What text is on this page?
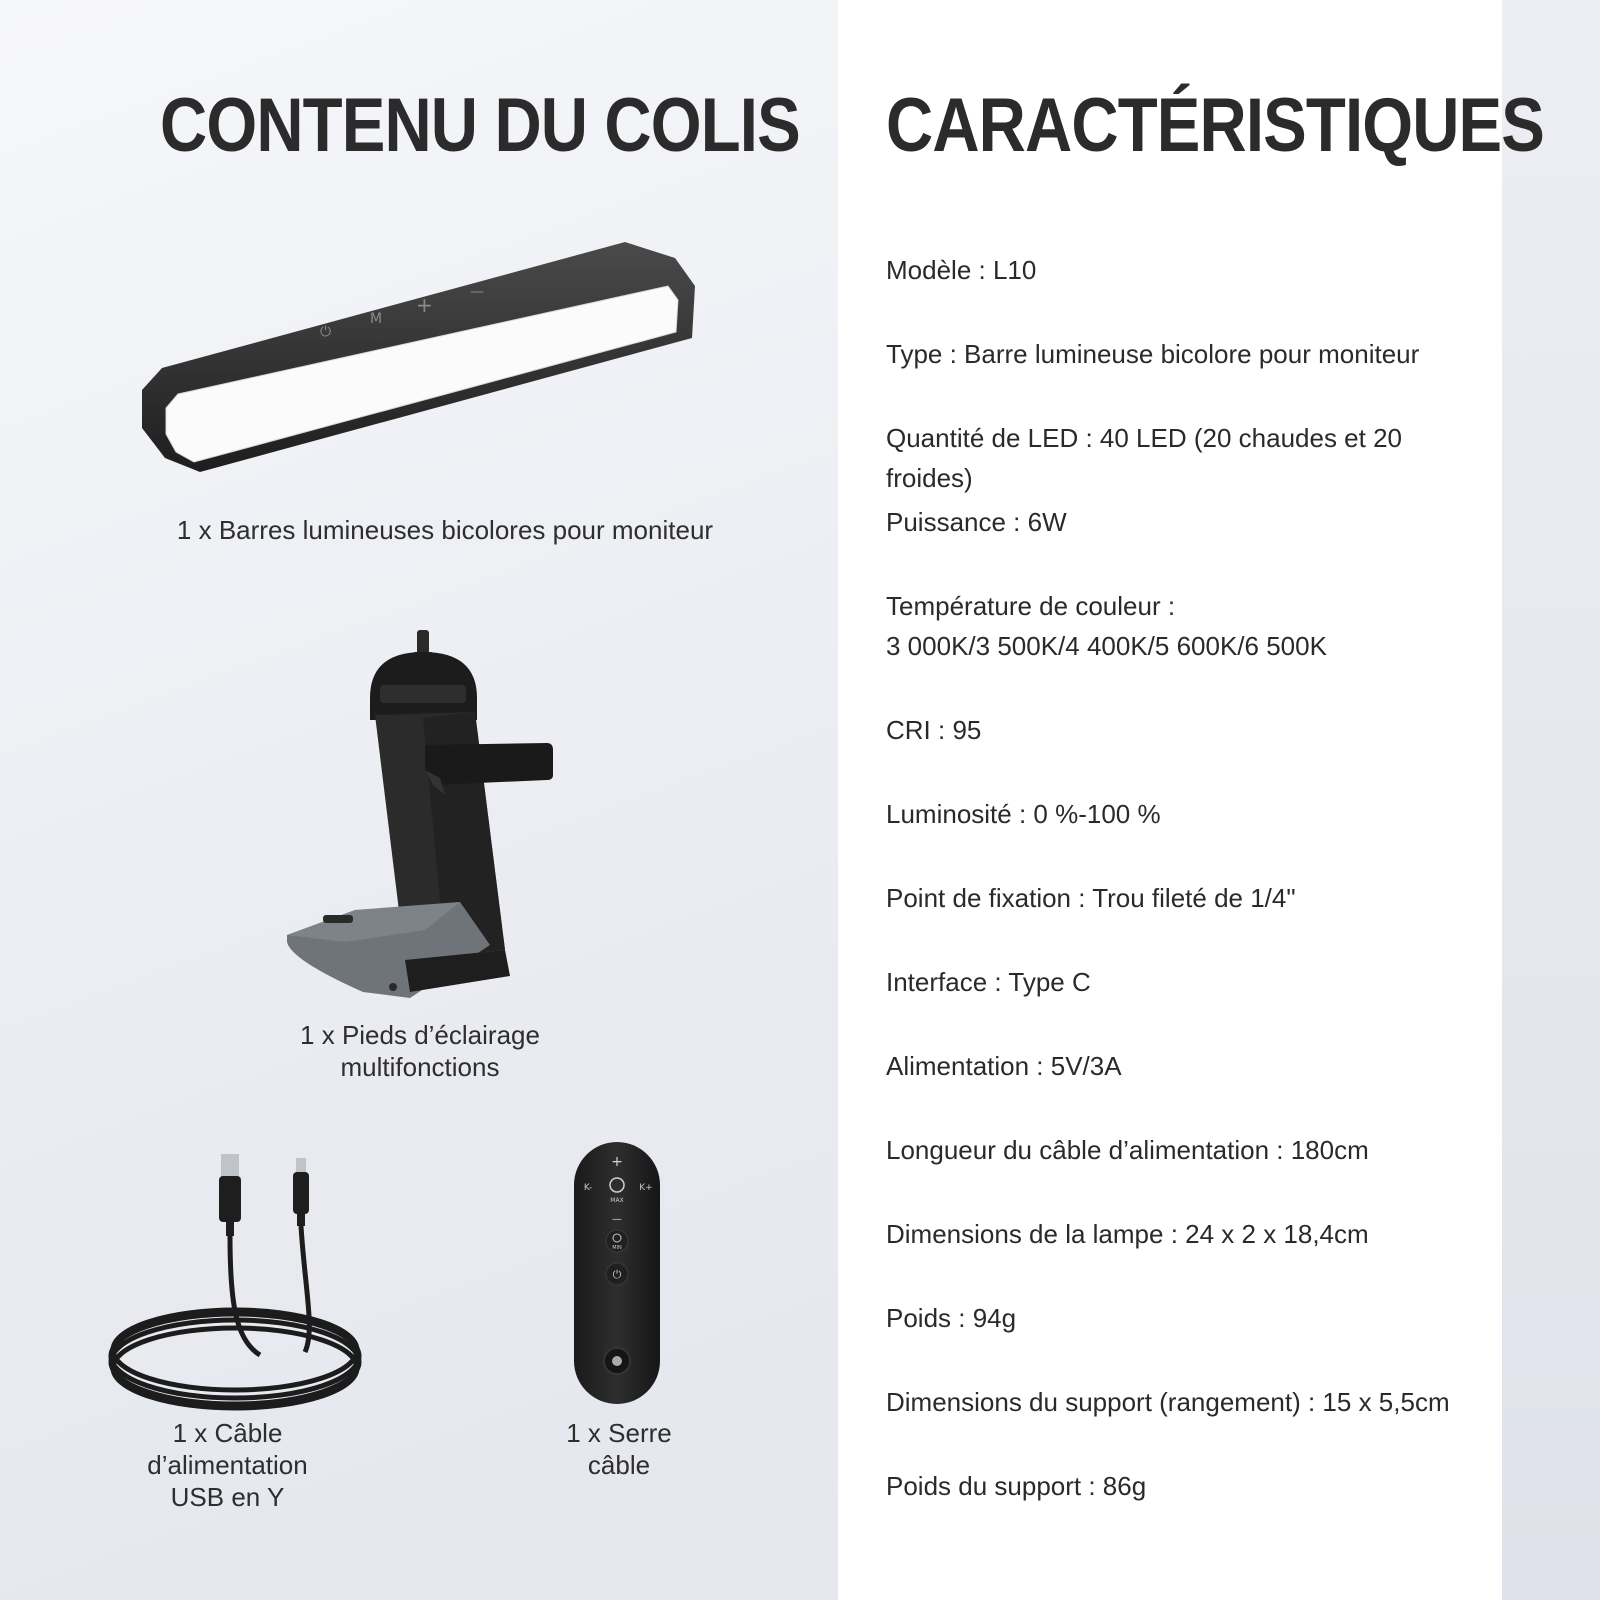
CONTENU DU COLIS CARACTÉRISTIQUES
⏻
M
+
—
1 x Barres lumineuses bicolores pour moniteur
1 x Pieds d’éclairage
multifonctions
1 x Câble
d’alimentation
USB en Y
+
K-	K+
MAX
—
MIN
⏻
1 x Serre
câble
Modèle : L10
Type : Barre lumineuse bicolore pour moniteur
Quantité de LED : 40 LED (20 chaudes et 20 froides)
Puissance : 6W
Température de couleur :
3 000K/3 500K/4 400K/5 600K/6 500K
CRI : 95
Luminosité : 0 %-100 %
Point de fixation : Trou fileté de 1/4"
Interface : Type C
Alimentation : 5V/3A
Longueur du câble d’alimentation : 180cm
Dimensions de la lampe : 24 x 2 x 18,4cm
Poids : 94g
Dimensions du support (rangement) : 15 x 5,5cm
Poids du support : 86g
